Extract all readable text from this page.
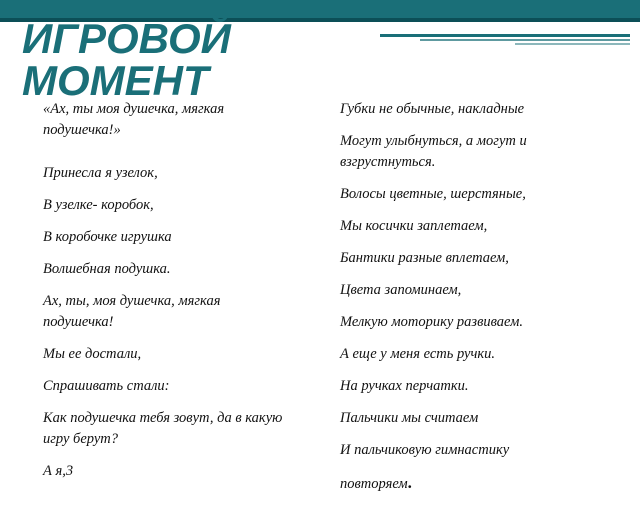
ИГРОВОЙ
МОМЕНТ

«Ах, ты моя душечка, мягкая подушечка!»

Принесла я узелок,

В узелке- коробок,

В коробочке игрушка

Волшебная подушка.

Ах, ты, моя душечка, мягкая подушечка!

Мы ее достали,

Спрашивать стали:

Как подушечка тебя зовут, да в какую игру берут?

А я,3

Губки не обычные, накладные

Могут улыбнуться, а могут и взгрустнуться.

Волосы цветные, шерстяные,

Мы косички заплетаем,

Бантики разные вплетаем,

Цвета запоминаем,

Мелкую моторику развиваем.

А еще у меня есть ручки.

На ручках перчатки.

Пальчики мы считаем

И пальчиковую гимнастику

повторяем.
